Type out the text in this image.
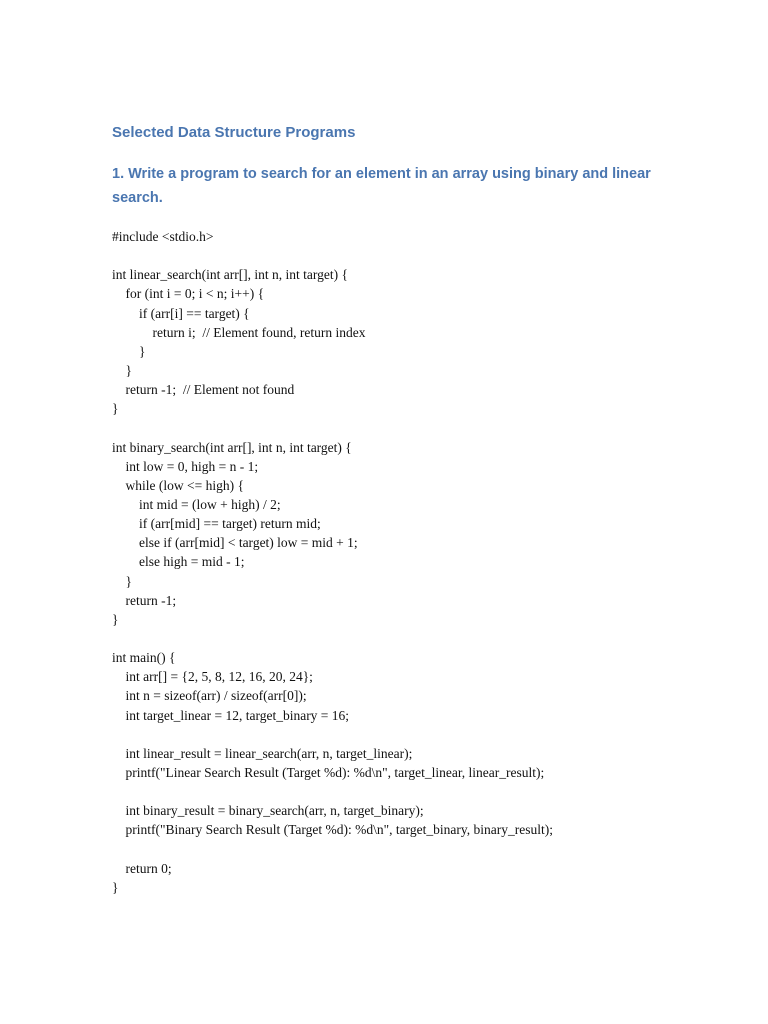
Selected Data Structure Programs
1. Write a program to search for an element in an array using binary and linear search.
#include <stdio.h>
int linear_search(int arr[], int n, int target) {
for (int i = 0; i < n; i++) {
if (arr[i] == target) {
return i;  // Element found, return index
}
}
return -1;  // Element not found
}
int binary_search(int arr[], int n, int target) {
int low = 0, high = n - 1;
while (low <= high) {
int mid = (low + high) / 2;
if (arr[mid] == target) return mid;
else if (arr[mid] < target) low = mid + 1;
else high = mid - 1;
}
return -1;
}
int main() {
int arr[] = {2, 5, 8, 12, 16, 20, 24};
int n = sizeof(arr) / sizeof(arr[0]);
int target_linear = 12, target_binary = 16;
int linear_result = linear_search(arr, n, target_linear);
printf("Linear Search Result (Target %d): %d\n", target_linear, linear_result);
int binary_result = binary_search(arr, n, target_binary);
printf("Binary Search Result (Target %d): %d\n", target_binary, binary_result);
return 0;
}
